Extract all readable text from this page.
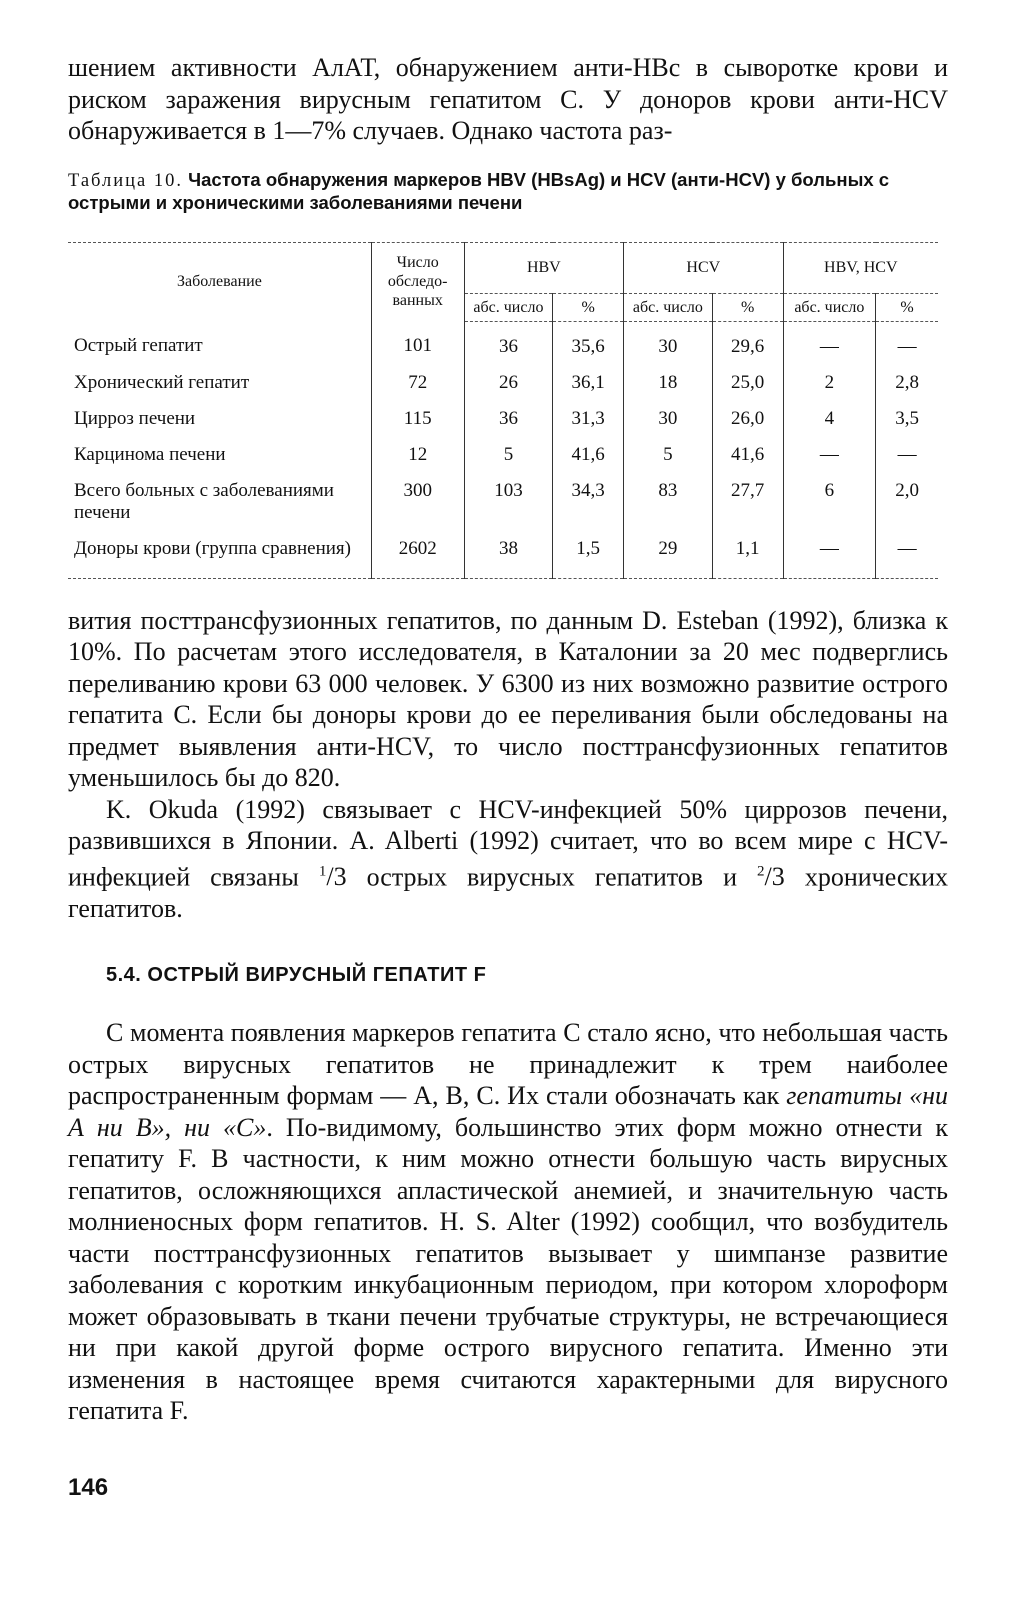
шением активности АлАТ, обнаружением анти-HBc в сыворотке крови и риском заражения вирусным гепатитом С. У доноров крови анти-HCV обнаруживается в 1—7% случаев. Однако частота раз-

Таблица 10. Частота обнаружения маркеров HBV (HBsAg) и HCV (анти-HCV) у больных с острыми и хроническими заболеваниями печени
Заболевание	Число обследо-ванных	HBV		HCV		HBV, HCV	
		абс. число	%	абс. число	%	абс. число	%
Острый гепатит	101	36	35,6	30	29,6	—	—
Хронический гепатит	72	26	36,1	18	25,0	2	2,8
Цирроз печени	115	36	31,3	30	26,0	4	3,5
Карцинома печени	12	5	41,6	5	41,6	—	—
Всего больных с заболеваниями печени	300	103	34,3	83	27,7	6	2,0
Доноры крови (группа сравнения)	2602	38	1,5	29	1,1	—	—

вития посттрансфузионных гепатитов, по данным D. Esteban (1992), близка к 10%. По расчетам этого исследователя, в Каталонии за 20 мес подверглись переливанию крови 63 000 человек. У 6300 из них возможно развитие острого гепатита С. Если бы доноры крови до ее переливания были обследованы на предмет выявления анти-HCV, то число посттрансфузионных гепатитов уменьшилось бы до 820.

K. Okuda (1992) связывает с HCV-инфекцией 50% циррозов печени, развившихся в Японии. A. Alberti (1992) считает, что во всем мире с HCV-инфекцией связаны $^1$/3 острых вирусных гепатитов и $^2$/3 хронических гепатитов.

5.4. ОСТРЫЙ ВИРУСНЫЙ ГЕПАТИТ F

С момента появления маркеров гепатита С стало ясно, что небольшая часть острых вирусных гепатитов не принадлежит к трем наиболее распространенным формам — А, В, С. Их стали обозначать как гепатиты «ни А ни В», ни «С». По-видимому, большинство этих форм можно отнести к гепатиту F. В частности, к ним можно отнести большую часть вирусных гепатитов, осложняющихся апластической анемией, и значительную часть молниеносных форм гепатитов. H. S. Alter (1992) сообщил, что возбудитель части посттрансфузионных гепатитов вызывает у шимпанзе развитие заболевания с коротким инкубационным периодом, при котором хлороформ может образовывать в ткани печени трубчатые структуры, не встречающиеся ни при какой другой форме острого вирусного гепатита. Именно эти изменения в настоящее время считаются характерными для вирусного гепатита F.

146
